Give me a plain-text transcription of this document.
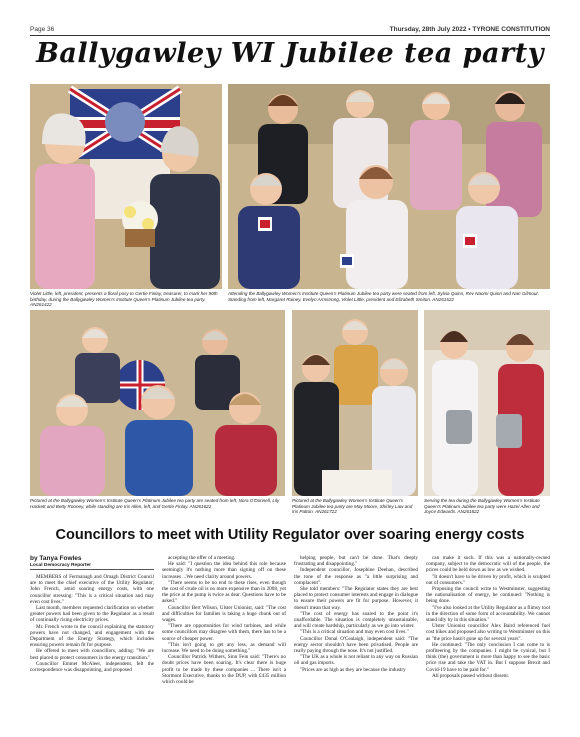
Page 36	Thursday, 28th July 2022 • TYRONE CONSTITUTION
Ballygawley WI Jubilee tea party
Violet Little, left, president, presents a floral posy to Gertie Finlay, treasurer, to mark her 90th birthday, during the Ballygawley Women's Institute Queen's Platinum Jubilee tea party. AN261422
Attending the Ballygawley Women's Institute Queen's Platinum Jubilee tea party were seated from left, Sylvia Quinn, Rev Naomi Quinn and Nan Gilmour. Standing from left, Margaret Rainey, Evelyn Armstrong, Violet Little, president and Elizabeth Smiton. AN261522
Pictured at the Ballygawley Women's Institute Queen's Platinum Jubilee tea party are seated from left, Nora O'Donnell, Lily Hackett and Betty Rooney, while standing are Iris Allen, left, and Gertie Finlay. AN261622
Pictured at the Ballygawley Women's Institute Queen's Platinum Jubilee tea party are May Moore, Shirley Law and Iris Patton. AN261722
Serving the tea during the Ballygawley Women's Institute Queen's Platinum Jubilee tea party were Hazel Allen and Joyce Edwards. AN261822
Councillors to meet with Utility Regulator over soaring energy costs
by Tanya Fowles
Local Democracy Reporter

MEMBERS of Fermanagh and Omagh District Council are to meet the chief executive of the Utility Regulator, John French, amid soaring energy costs, with one councillor stressing: "This is a critical situation and may even cost lives."

Last month, members requested clarification on whether greater powers had been given to the Regulator as a result of continually rising electricity prices.

Mr. French wrote to the council explaining the statutory powers have not changed, and engagement with the Department of the Energy Strategy, which includes ensuring powers remain fit for purpose.

He offered to meet with councillors, adding: "We are best placed to protect consumers in the energy transition."

Councillor Emmet McAleer, independent, felt the correspondence was disappointing, and proposed

accepting the offer of a meeting.

He said: "I question the idea behind this role because seemingly it's nothing more than signing off on these increases ...We need clarity around powers.

"There seems to be no end to these rises, even though the cost of crude oil is no more expensive than in 2008, yet the price at the pump is twice as dear. Questions have to be asked."

Councillor Bert Wilson, Ulster Unionist, said: "The cost and difficulties for families is taking a huge chunk out of wages.

"There are opportunities for wind turbines, and while some councillors may disagree with them, there has to be a source of cheaper power.

"This isn't going to get any less, as demand will increase. We need to be doing something."

Councillor Patrick Withers, Sinn Fein said: "There's no doubt prices have been soaring. It's clear there is huge profit to be made by these companies ... There isn't a Stormont Executive, thanks to the DUP, with £435 million which could be

helping people, but can't be done. That's deeply frustrating and disappointing."

Independent councillor, Josephine Deehan, described the tone of the response as "a little surprising and complacent".

She told members: "The Regulator states they are best placed to protect consumer interests and engage in dialogue to ensure their powers are fit for purpose. However, it doesn't mean that way.

"The cost of energy has soared to the point it's unaffordable. The situation is completely unsustainable, and will create hardship, particularly as we go into winter.

"This is a critical situation and may even cost lives."

Councillor Donal O'Cealaigh, independent said: "The energy sector shouldn't have been privatised. People are really paying through the nose. It's not justified.

"The UK as a whole is not reliant in any way on Russian oil and gas imports.

"Prices are as high as they are because the industry

can make it such. If this was a nationally-owned company, subject to the democratic will of the people, the prices could be held down as low as we wished.

"It doesn't have to be driven by profit, which is sculpted out of consumers."

Proposing the council write to Westminster, suggesting the nationalisation of energy, he continued: "Nothing is being done.

"I've also looked at the Utility Regulator as a flimsy tool in the direction of some form of accountability. We cannot stand idly by in this situation."

Ulster Unionist councillor Alex Baird referenced fuel cost hikes and proposed also writing to Westminster on this as "the price hasn't gone up for several years".

He continued: "The only conclusion I can come to is profiteering by the companies. I might be cynical, but I think (the) government is more than happy to see the basic price rise and take the VAT in. But I suppose Brexit and Covid-19 have to be paid for."

All proposals passed without dissent.
